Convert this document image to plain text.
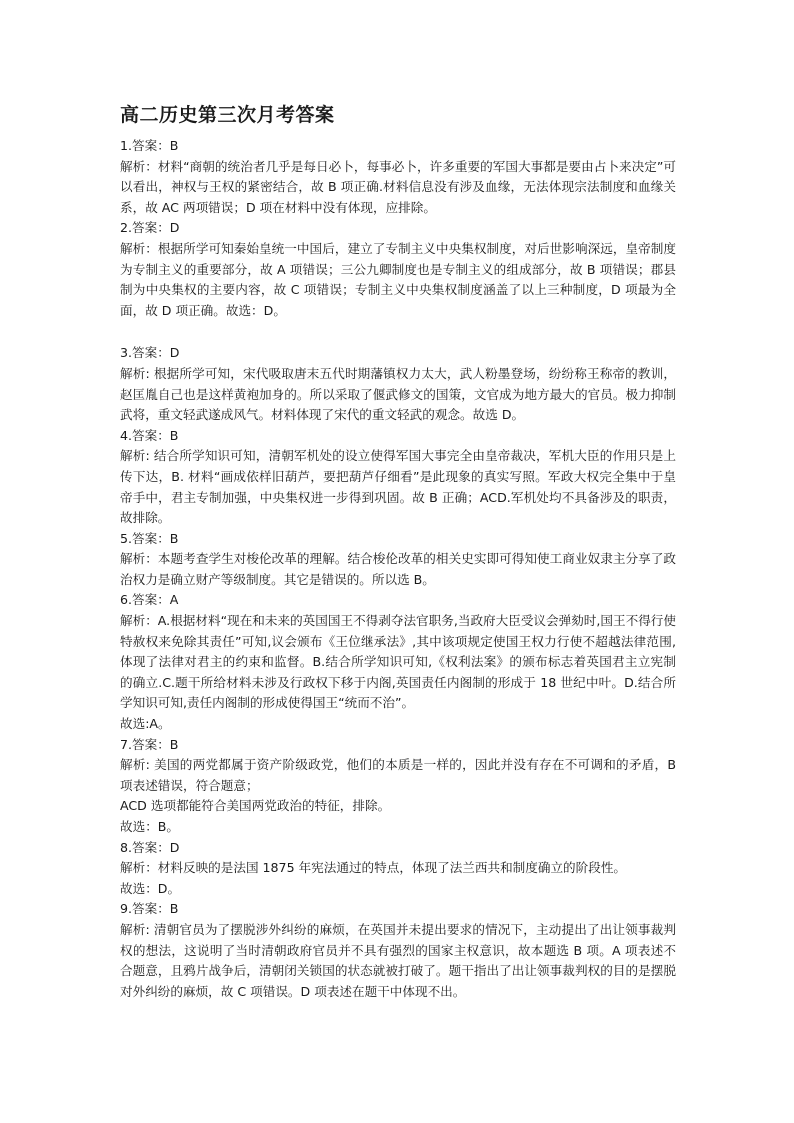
高二历史第三次月考答案

1.答案：B

解析：材料“商朝的统治者几乎是每日必卜，每事必卜，许多重要的军国大事都是要由占卜来决定”可以看出，神权与王权的紧密结合，故 B 项正确.材料信息没有涉及血缘，无法体现宗法制度和血缘关系，故 AC 两项错误；D 项在材料中没有体现，应排除。

2.答案：D

解析：根据所学可知秦始皇统一中国后，建立了专制主义中央集权制度，对后世影响深远，皇帝制度为专制主义的重要部分，故 A 项错误；三公九卿制度也是专制主义的组成部分，故 B 项错误；郡县制为中央集权的主要内容，故 C 项错误；专制主义中央集权制度涵盖了以上三种制度，D 项最为全面，故 D 项正确。故选：D。

3.答案：D

解析: 根据所学可知，宋代吸取唐末五代时期藩镇权力太大，武人粉墨登场，纷纷称王称帝的教训，赵匡胤自己也是这样黄袍加身的。所以采取了偃武修文的国策，文官成为地方最大的官员。极力抑制武将，重文轻武遂成风气。材料体现了宋代的重文轻武的观念。故选 D。

4.答案：B

解析: 结合所学知识可知，清朝军机处的设立使得军国大事完全由皇帝裁决，军机大臣的作用只是上传下达，B. 材料“画成依样旧葫芦，要把葫芦仔细看”是此现象的真实写照。军政大权完全集中于皇帝手中，君主专制加强，中央集权进一步得到巩固。故 B 正确；ACD.军机处均不具备涉及的职责，故排除。

5.答案：B

解析：本题考查学生对梭伦改革的理解。结合梭伦改革的相关史实即可得知使工商业奴隶主分享了政治权力是确立财产等级制度。其它是错误的。所以选 B。

6.答案：A

解析：A.根据材料“现在和未来的英国国王不得剥夺法官职务,当政府大臣受议会弹劾时,国王不得行使特赦权来免除其责任”可知,议会颁布《王位继承法》,其中该项规定使国王权力行使不超越法律范围,体现了法律对君主的约束和监督。B.结合所学知识可知,《权利法案》的颁布标志着英国君主立宪制的确立.C.题干所给材料未涉及行政权下移于内阁,英国责任内阁制的形成于 18 世纪中叶。D.结合所学知识可知,责任内阁制的形成使得国王“统而不治”。

故选:A。

7.答案：B

解析: 美国的两党都属于资产阶级政党，他们的本质是一样的，因此并没有存在不可调和的矛盾，B 项表述错误，符合题意；

ACD 选项都能符合美国两党政治的特征，排除。

故选：B。

8.答案：D

解析：材料反映的是法国 1875 年宪法通过的特点，体现了法兰西共和制度确立的阶段性。

故选：D。

9.答案：B

解析: 清朝官员为了摆脱涉外纠纷的麻烦，在英国并未提出要求的情况下，主动提出了出让领事裁判权的想法，这说明了当时清朝政府官员并不具有强烈的国家主权意识，故本题选 B 项。A 项表述不合题意，且鸦片战争后，清朝闭关锁国的状态就被打破了。题干指出了出让领事裁判权的目的是摆脱对外纠纷的麻烦，故 C 项错误。D 项表述在题干中体现不出。
